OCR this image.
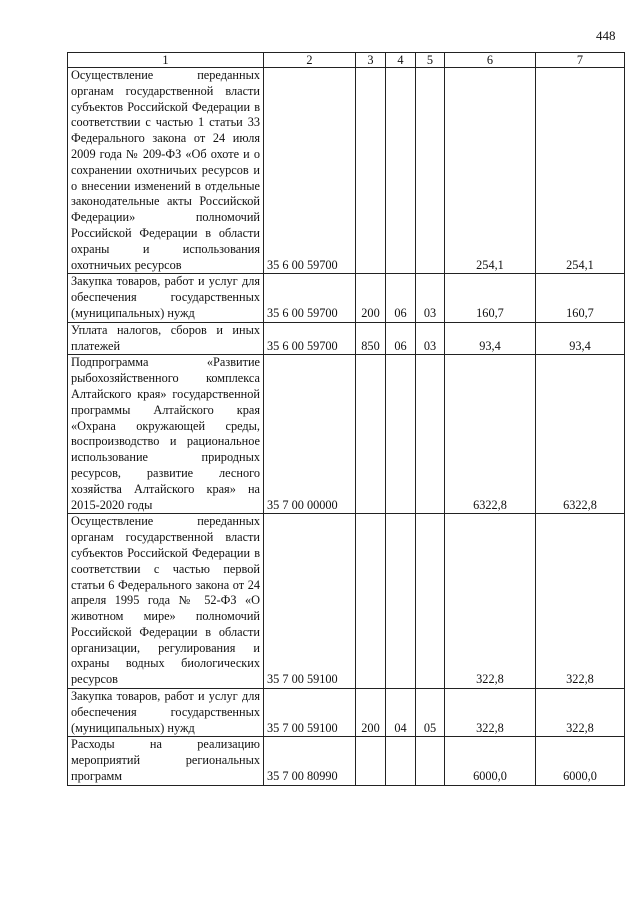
448
1	2	3	4	5	6	7
Осуществление переданных органам государственной власти субъектов Российской Федерации в соответствии с частью 1 статьи 33 Федерального закона от 24 июля 2009 года № 209-ФЗ «Об охоте и о сохранении охотничьих ресурсов и о внесении изменений в отдельные законодательные акты Российской Федерации» полномочий Российской Федерации в области охраны и использования охотничьих ресурсов	35 6 00 59700				254,1	254,1
Закупка товаров, работ и услуг для обеспечения государственных (муниципальных) нужд	35 6 00 59700	200	06	03	160,7	160,7
Уплата налогов, сборов и иных платежей	35 6 00 59700	850	06	03	93,4	93,4
Подпрограмма «Развитие рыбохозяйственного комплекса Алтайского края» государственной программы Алтайского края «Охрана окружающей среды, воспроизводство и рациональное использование природных ресурсов, развитие лесного хозяйства Алтайского края» на 2015-2020 годы	35 7 00 00000				6322,8	6322,8
Осуществление переданных органам государственной власти субъектов Российской Федерации в соответствии с частью первой статьи 6 Федерального закона от 24 апреля 1995 года № 52-ФЗ «О животном мире» полномочий Российской Федерации в области организации, регулирования и охраны водных биологических ресурсов	35 7 00 59100				322,8	322,8
Закупка товаров, работ и услуг для обеспечения государственных (муниципальных) нужд	35 7 00 59100	200	04	05	322,8	322,8
Расходы на реализацию мероприятий региональных программ	35 7 00 80990				6000,0	6000,0
